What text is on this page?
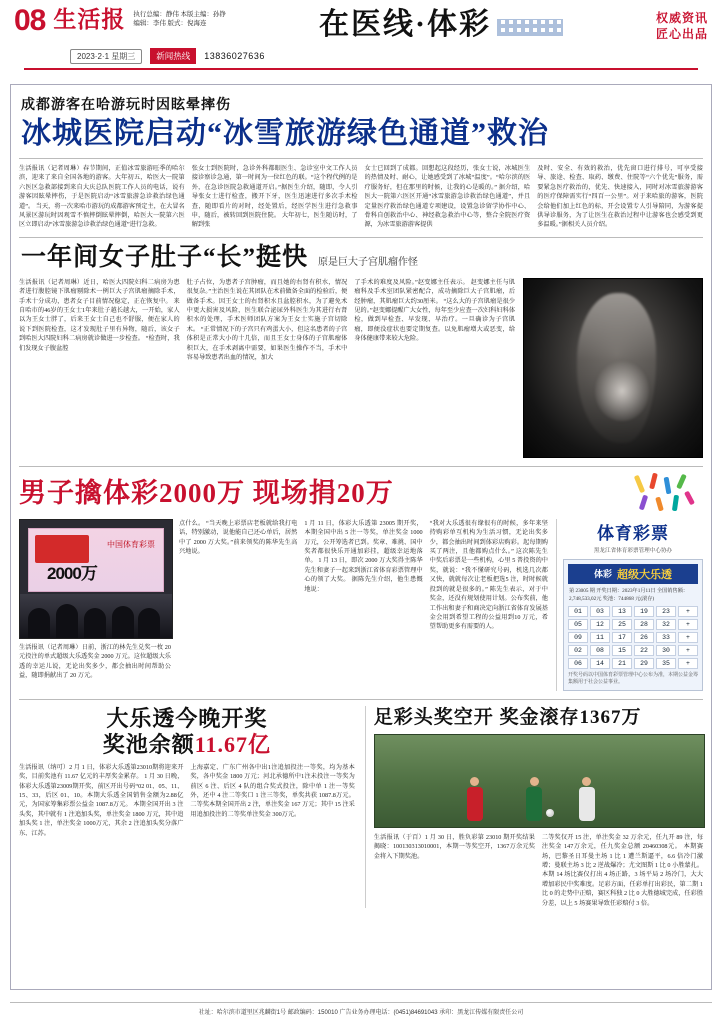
08 生活报 执行总编：静伟 本版主编：孙铮
编辑：李伟 版式：倪海连	在医线·体彩	权威资讯
匠心出品
2023·2·1 星期三	新闻热线	13836027636
成都游客在哈游玩时因眩晕摔伤
冰城医院启动“冰雪旅游绿色通道”救治
生活报讯（记者周琳）春节期间，正值冰雪旅游旺季的哈尔滨，迎来了来自全国各地的游客。大年初五，哈医大一院第六医区急救部接到来自大庆总队医院工作人员的电话，说有游客因眩晕摔伤，于是医院启动“冰雪旅游急诊救治绿色通道”。 当天，将一次来哈市游玩的成都游客预定主，在大冒名风景区游玩时因观雪不慎摔倒眩晕摔倒，哈医大一院第六医区立即启动“冰雪旅游急诊救治绿色通道”进行急救。
张女士到医院时，急诊外科都眼医生、急诊室中文工作人员接诊察诊急通，第一时间为一位红色的联。“这个程代例的是外，在急诊医院急救通道开启。”据医生介绍，随即，令人引导张女士进行检查，搬开下牙，医生迅速进行多次手术检查，随即看片的对时，经处置后，经医学医生进行急救事申，随后，被转回到医院住院。 大年初七，医生随访时，了解到张
女士已回到了成都。回想起这段经历，张女士说，冰城医生的热情及时、耐心，让她感受到了冰城“温度”。“哈尔滨的医疗服务好，但在那里的时候，让我的心是暖的。” 据介绍，哈医大一院第六医区开通“冰雪旅游急诊救治绿色通道”，并且定量医疗救治绿色通道专项建设，设置急诊留学协作中心、骨科自创救治中心、神经救急救治中心等，整合全院医疗资源，为冰雪旅游游客提供
及时、安全、有效的救治，优先窗口进行排号，可享受接导、旅途、检查、取药、缴费、住院等“六个优先”服务，需要紧急医疗救治的，优先、快速接入，同时对冰雪旅游游客的医疗保障需实行“四百一公里”。对于来哈旅的游客，医院会给他们加上红色的标，开会设置专人引导陪同，为游客提供导诊服务，为了让医生在救治过程中让游客也会感受到更多温暖。”据相关人员介绍。
一年间女子肚子“长”挺快 原是巨大子宫肌瘤作怪
生活报讯（记者周琳）近日，哈医大四院妇科二病房为患者进行腹腔镜下肌瘤剔除术一例巨大子宫肌瘤摘除手术，手术十分成功，患者女子目前情况稳定，正在恢复中。 来自哈市的46岁的王女士1年来肚子越长越大，一开始，家人以为王女士胖了，后来王女士自己也不舒服，便在家人的说下到医院检查，这才发现肚子里有异物，随后，该女子到哈医大四院妇科二病房就诊做进一步检查。 “检查时，我们发现女子腹盆腔
肚子占位，为患者子宫肿瘤，而且她的右肾有积水，情况很复杂。”主治医生说在其团队在术前做备全面的检验后，便做备手术。因王女士的右肾积水且盆腔积水，为了避免术中更大损害及风险，医生联合泌尿外科医生为其进行右肾积水的处理，手术医师团队方案为王女士实施子宫切除术。 “正常情况下的子宫只有鸡蛋大小，但这名患者的子宫体积是正常大小的十几倍，而且王女士身体的子宫肌瘤体积巨大，在手术剥离中需要，如果医生操作不当，手术中容易导致患者出血的情况，加大
了手术的难度及风险。”赵变娜主任表示。 赵变娜主任与肌瘤科及手术室团队紧密配合，成功摘除巨大子宫肌瘤，后经肿瘤，其肌瘤巨大约30厘米。 “这么大的子宫肌瘤是很少见的。”赵变娜提醒广大女性，每年至少应查一次妇科妇科体检，做到早检查、早发现、早治疗。一旦确诊为子宫肌瘤，即便没症状也要定期复查。以免肌瘤增大或恶变，给身体健康带来较大危险。
男子擒体彩2000万 现场捐20万
中国体育彩票
2000万
生活报讯（记者周琳）日前，浙江的林先生兑奖一枚 20 元投注的单式超级大乐透奖金 2000 万元。这位超级大乐透的幸运儿说，无论出奖多少，都会抽出时间帮助公益，随即捐献出了 20 万元。
点什么。 “当天晚上彩票店老板就给我打电话，特别激动，说他能自己还心单后，居然中了 2000 万大奖。”前来领奖的陈华先生高兴地说。
1 月 11 日，体彩大乐透第 23005 期开奖，本期全国中出 5 注一等奖，单注奖金 1000 万元，公开筹选者已到。奖章、难挑、国中奖者都很快乐开通加彩挂，超级幸运地落单。 1 月 13 日，即次 2000 万大奖得主陈华先生和妻子一起来到浙江省体育彩票管理中心的领了大奖。 据陈先生介绍，他生患慨地说：
“我对大乐透很有缘很有的时候，多年来坚持购彩单互机构为生活习惯，无论出奖多少，都会抽出时间到体彩店购彩。起每期购买了两注，且他都购点什么。” 这次陈先生中奖后彩票是一些机构，心里 5 普投资的中奖，就说：“我不懂研究号码，机选几次都又快，就就每次让老板把选5 注，时时候就投到的就是很多的。” 陈先生表示，对于中奖金，还没有规划使用计划。公布奖前，他工作出和妻子和商决定向浙江省体育发展基金会用到希望工程的公益用到10 万元，希望帮助更多有需要的人。
体育彩票
黑龙江省体育彩票管理中心协办
体彩 超级大乐透
第 23005 期 开奖日期：2023年1月11日 全国销售额：2,748,533,02元 奖池：744868 元(滚存)
01	03	13	19	23	+
05	12	25	28	32	+
09	11	17	26	33	+
02	08	15	22	30	+
06	14	21	29	35	+
开奖号码以中国体育彩票管理中心公布为准，本期公益金筹集额用于社会公益事业。
大乐透今晚开奖
奖池余额11.67亿
生活报讯（纳可）2 月 1 日，体彩大乐透第23010期将迎来开奖，目前奖池有 11.67 亿元的丰厚奖金累存。 1 月 30 日晚，体彩大乐透第23009期开奖，前区开出号码“02 01、05、11、15、33，后区 01、10。本期大乐透全国销售金额为2.88亿元，为国家筹集彩票公益金 1087.8万元。 本期全国开出 3 注头奖，其中就有 1 注追加头奖，单注奖金 1800 万元，其中追加头奖 1 注，单注奖金 1000万元，其余 2 注追加头奖分落广东、江苏。
上海嘉定、广东广州各中出1注追加投注一等奖，均为基本奖，各中奖金 1800 万元；河北承德所中1注未投注一等奖为前区 6 注、后区 4 队的组合奖式投注，除中单 1 注一等奖外，还中 4 注二等奖口 1 注三等奖，单奖共获 1087.8万元。 二等奖本期全国开出 2 注，单注奖金 167 万元；其中 15 注采用追加投注的二等奖单注奖金 300万元。
足彩头奖空开 奖金滚存1367万
生活报讯（于百）1 月 30 日，胜负彩第 23010 期开奖结果揭晓：100130313010001，本期一等奖空开，1367万余元奖金将入下期奖池。
二等奖仅开 15 注，单注奖金 32 万余元，任九开 89 注，每注奖金 147万余元，任九奖金总额 20460308元。 本期赛场，巴黎圣日耳曼主场 1 比 1 遭兰斯逼平，6.6 倍冷门激增；曼联主场 3 比 2 逆战爆冷；尤文图斯 1 比 0 小胜蒙扎。 本期 14 场比赛仅打出 4 场正路，3 场平局 2 场冷门，大大增加彩民中奖难度。足彩方面，任彩单打出彩民，第二期 1 比 0 的走势中正赔，赛区科独 2 比 0 大胜德城完成，任彩胜分差，以上 5 场赛果导致任彩赔付 3 倍。
社址：哈尔滨市道里区兆麟街1号 邮政编码：150010 广告业务办理电话：(0451)84691043 承印：黑龙江传媒有限责任公司
